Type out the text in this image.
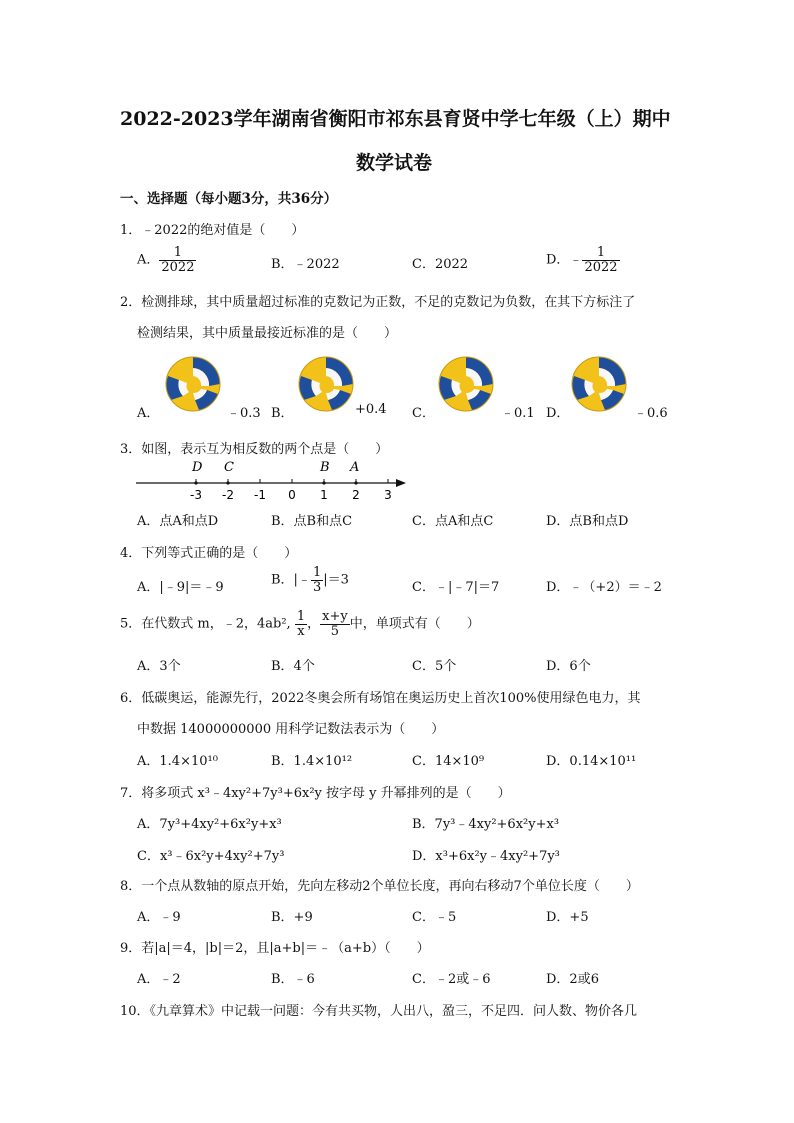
2022-2023学年湖南省衡阳市祁东县育贤中学七年级（上）期中
数学试卷
一、选择题（每小题3分，共36分）
1．﹣2022的绝对值是（　　）
A． $\frac{1}{2022}$	B．﹣2022	C．2022	D．﹣ $\frac{1}{2022}$
2．检测排球，其中质量超过标准的克数记为正数，不足的克数记为负数，在其下方标注了
检测结果，其中质量最接近标准的是（　　）
A．	﹣0.3 B．	+0.4 C．	﹣0.1 D．	﹣0.6
3．如图，表示互为相反数的两个点是（　　）
D C	B A
-3 -2 -1 0 1 2 3
A．点A和点D	B．点B和点C	C．点A和点C	D．点B和点D
4．下列等式正确的是（　　）
A．|﹣9|＝﹣9	B．|﹣ $\frac{1}{3} |=3$	C．﹣|﹣7|＝7	D．﹣（+2）＝﹣2
5．在代数式 m，﹣2，4ab², $\frac{1}{x}$ ， $\frac{x+y}{5}$ 中，单项式有（　　）
A．3个	B．4个	C．5个	D．6个
6．低碳奥运，能源先行，2022冬奥会所有场馆在奥运历史上首次100%使用绿色电力，其
中数据 14000000000 用科学记数法表示为（　　）
A．1.4×10¹⁰	B．1.4×10¹²	C．14×10⁹	D．0.14×10¹¹
7．将多项式 x³﹣4xy²+7y³+6x²y 按字母 y 升幂排列的是（　　）
A．7y³+4xy²+6x²y+x³	B．7y³﹣4xy²+6x²y+x³
C．x³﹣6x²y+4xy²+7y³	D．x³+6x²y﹣4xy²+7y³
8．一个点从数轴的原点开始，先向左移动2个单位长度，再向右移动7个单位长度（　　）
A．﹣9	B．+9	C．﹣5	D．+5
9．若|a|＝4，|b|＝2，且|a+b|＝﹣（a+b）（　　）
A．﹣2	B．﹣6	C．﹣2或﹣6	D．2或6
10．《九章算术》中记载一问题：今有共买物，人出八，盈三，不足四．问人数、物价各几
